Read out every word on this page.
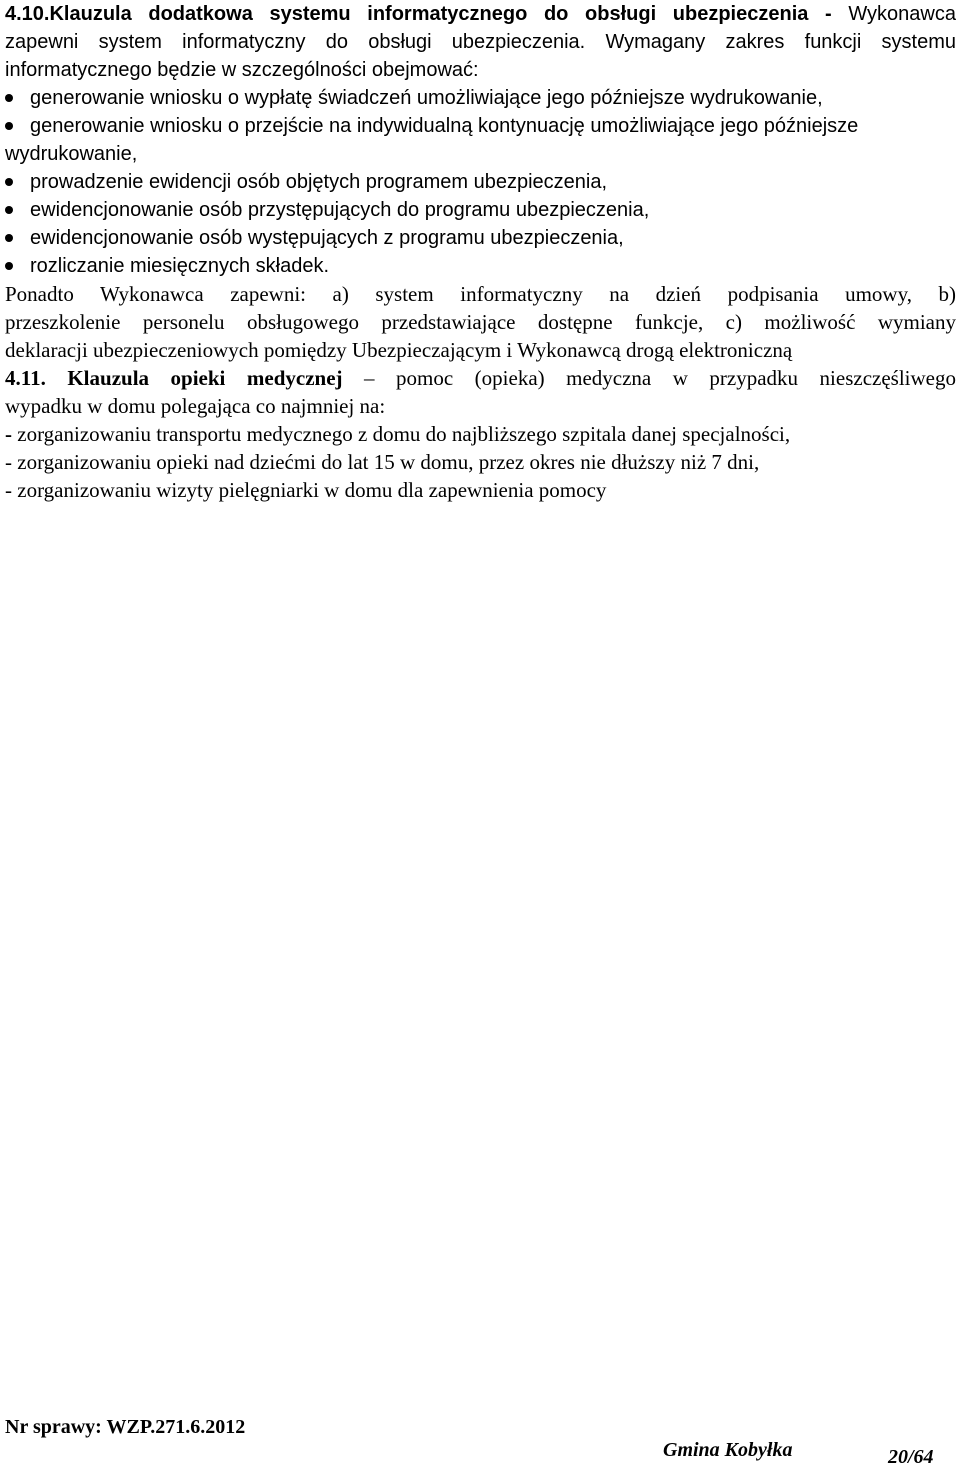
4.10.Klauzula dodatkowa systemu informatycznego do obsługi ubezpieczenia - Wykonawca
zapewni system informatyczny do obsługi ubezpieczenia. Wymagany zakres funkcji systemu
informatycznego będzie w szczególności obejmować:
generowanie wniosku o wypłatę świadczeń umożliwiające jego późniejsze wydrukowanie,
generowanie wniosku o przejście na indywidualną kontynuację umożliwiające jego późniejsze
wydrukowanie,
prowadzenie ewidencji osób objętych programem ubezpieczenia,
ewidencjonowanie osób przystępujących do programu ubezpieczenia,
ewidencjonowanie osób występujących z programu ubezpieczenia,
rozliczanie miesięcznych składek.
Ponadto Wykonawca zapewni: a) system informatyczny na dzień podpisania umowy, b)
przeszkolenie personelu obsługowego przedstawiające dostępne funkcje, c) możliwość wymiany
deklaracji ubezpieczeniowych pomiędzy Ubezpieczającym i Wykonawcą drogą elektroniczną
4.11. Klauzula opieki medycznej – pomoc (opieka) medyczna w przypadku nieszczęśliwego
wypadku w domu polegająca co najmniej na:
- zorganizowaniu transportu medycznego z domu do najbliższego szpitala danej specjalności,
- zorganizowaniu opieki nad dziećmi do lat 15 w domu, przez okres nie dłuższy niż 7 dni,
- zorganizowaniu wizyty pielęgniarki w domu dla zapewnienia pomocy
Nr sprawy: WZP.271.6.2012
Gmina Kobyłka	20/64
